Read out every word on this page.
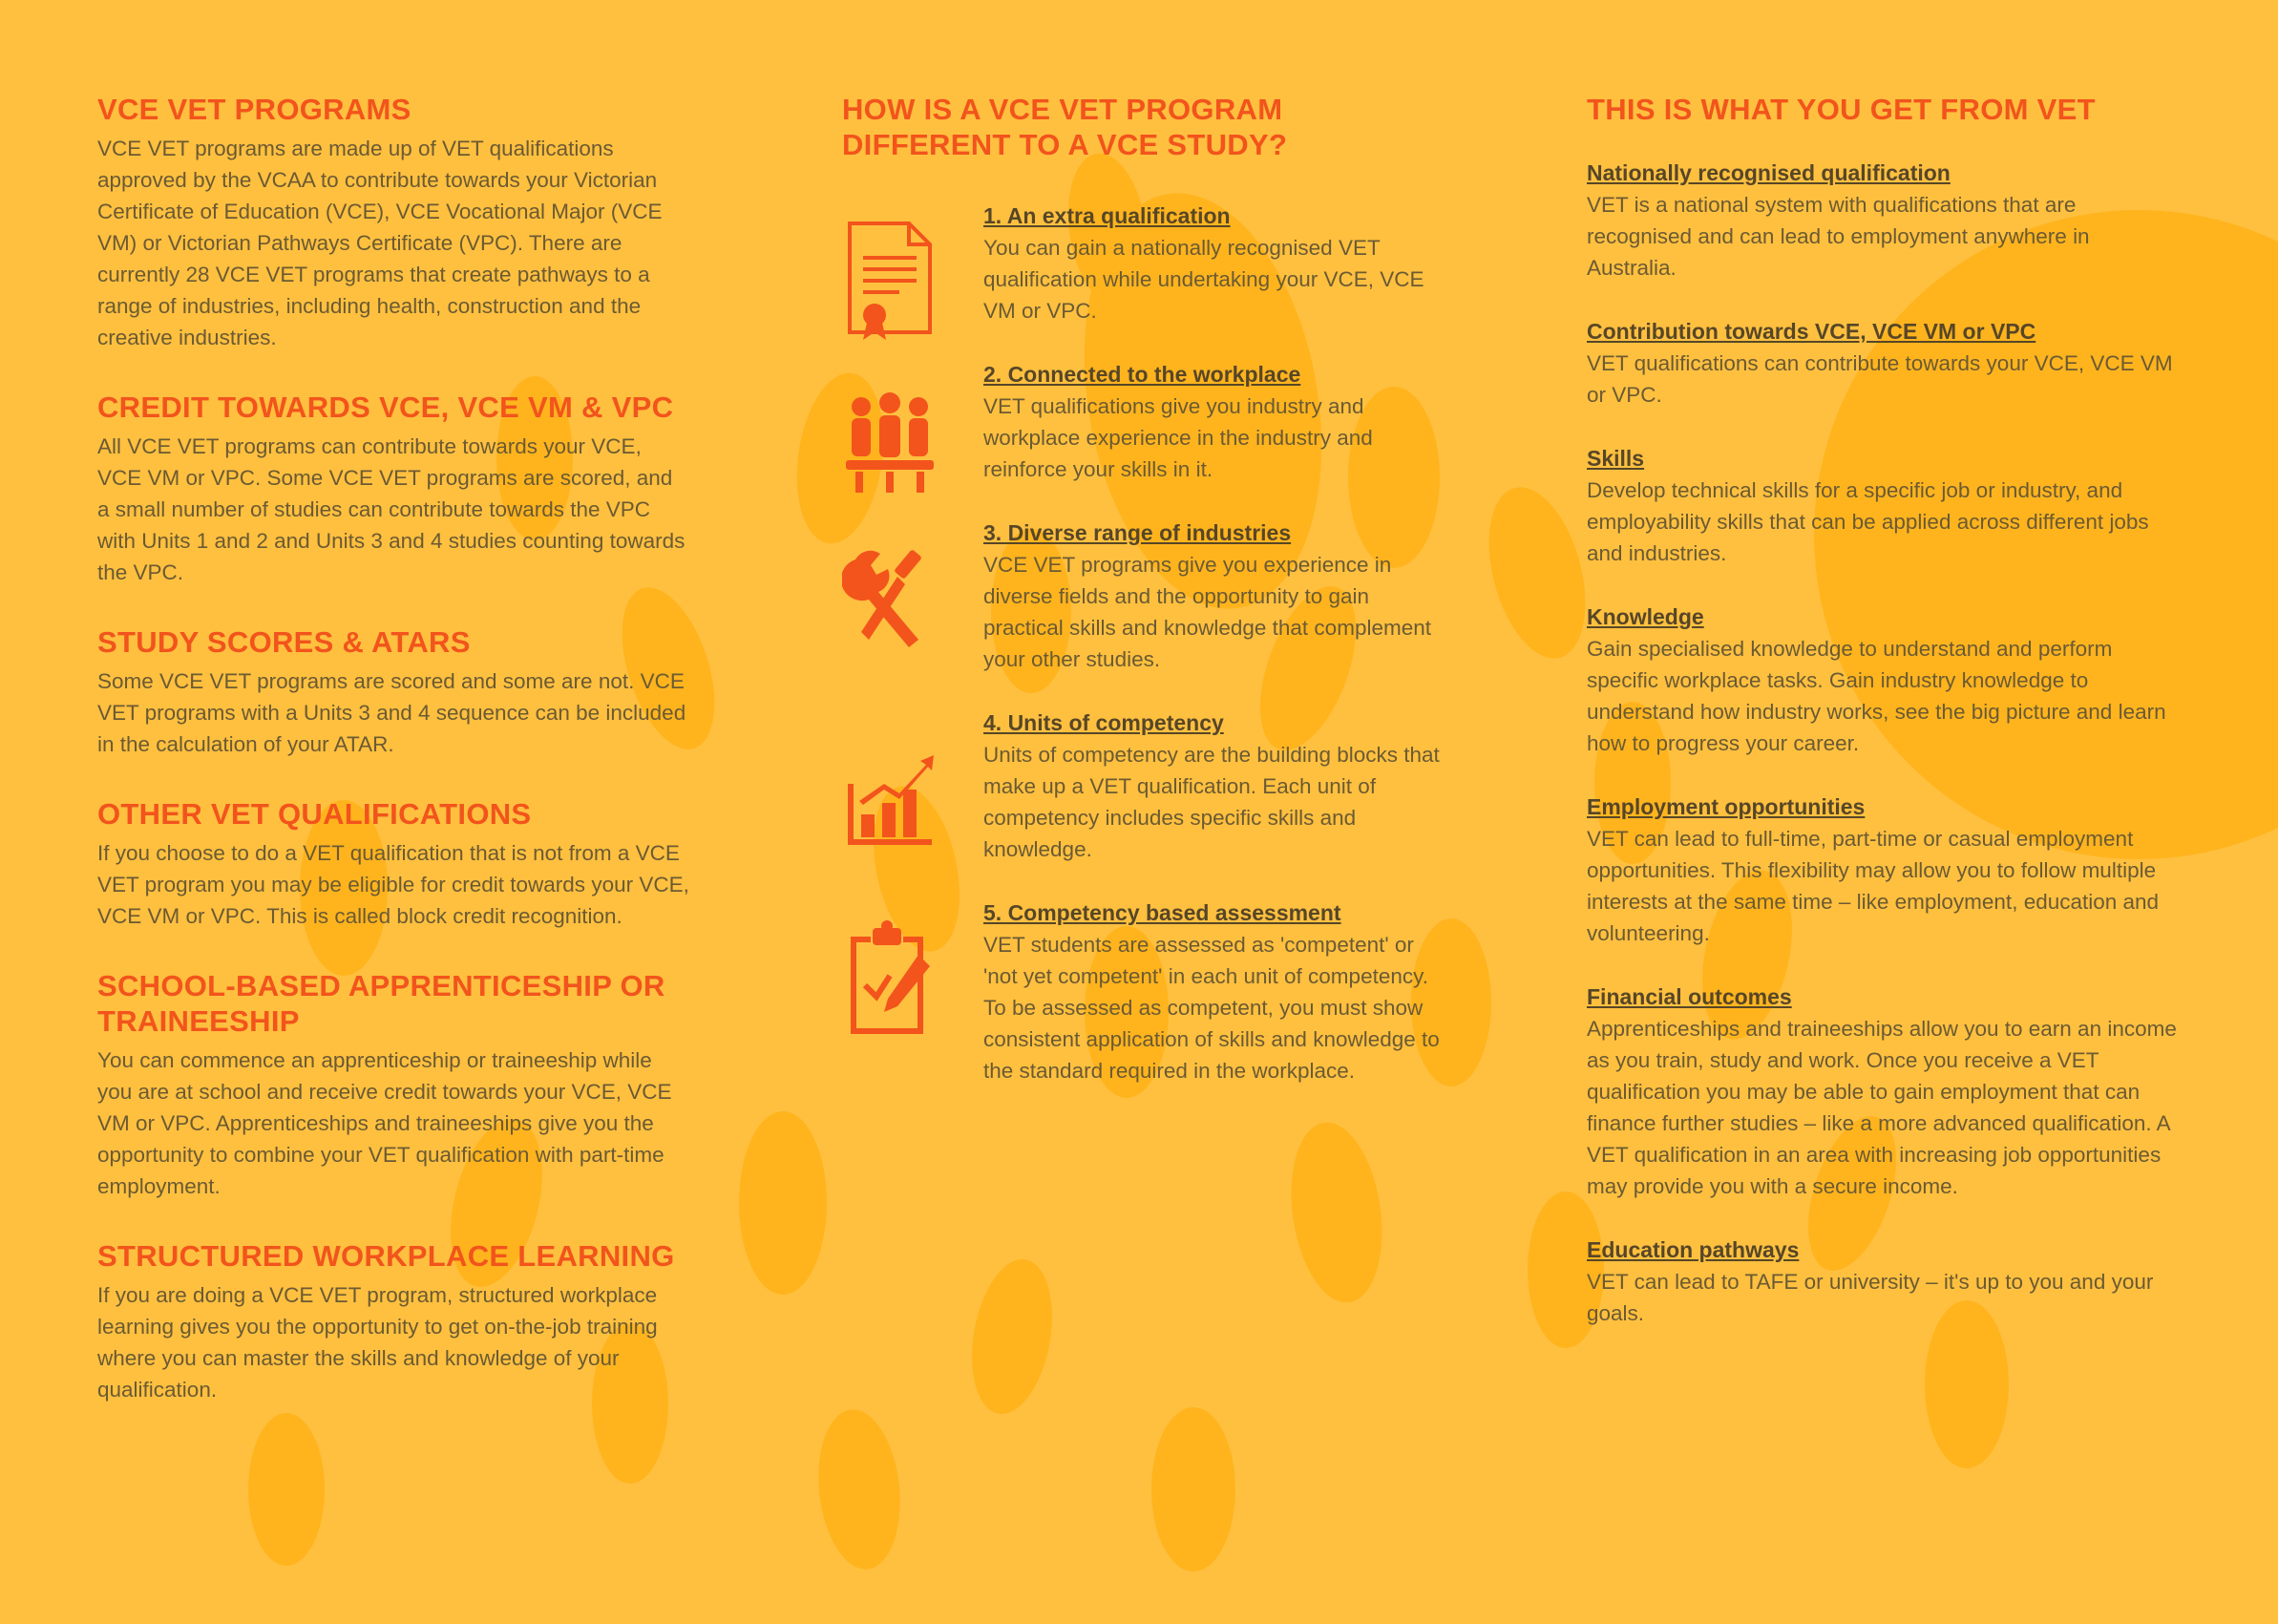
VCE VET PROGRAMS

VCE VET programs are made up of VET qualifications approved by the VCAA to contribute towards your Victorian Certificate of Education (VCE), VCE Vocational Major (VCE VM) or Victorian Pathways Certificate (VPC). There are currently 28 VCE VET programs that create pathways to a range of industries, including health, construction and the creative industries.

CREDIT TOWARDS VCE, VCE VM & VPC

All VCE VET programs can contribute towards your VCE, VCE VM or VPC. Some VCE VET programs are scored, and a small number of studies can contribute towards the VPC with Units 1 and 2 and Units 3 and 4 studies counting towards the VPC.

STUDY SCORES & ATARS

Some VCE VET programs are scored and some are not. VCE VET programs with a Units 3 and 4 sequence can be included in the calculation of your ATAR.

OTHER VET QUALIFICATIONS

If you choose to do a VET qualification that is not from a VCE VET program you may be eligible for credit towards your VCE, VCE VM or VPC. This is called block credit recognition.

SCHOOL-BASED APPRENTICESHIP OR TRAINEESHIP

You can commence an apprenticeship or traineeship while you are at school and receive credit towards your VCE, VCE VM or VPC. Apprenticeships and traineeships give you the opportunity to combine your VET qualification with part-time employment.

STRUCTURED WORKPLACE LEARNING

If you are doing a VCE VET program, structured workplace learning gives you the opportunity to get on-the-job training where you can master the skills and knowledge of your qualification.

HOW IS A VCE VET PROGRAM DIFFERENT TO A VCE STUDY?

1. An extra qualification

You can gain a nationally recognised VET qualification while undertaking your VCE, VCE VM or VPC.

2. Connected to the workplace

VET qualifications give you industry and workplace experience in the industry and reinforce your skills in it.

3. Diverse range of industries

VCE VET programs give you experience in diverse fields and the opportunity to gain practical skills and knowledge that complement your other studies.

4. Units of competency

Units of competency are the building blocks that make up a VET qualification. Each unit of competency includes specific skills and knowledge.

5. Competency based assessment

VET students are assessed as 'competent' or 'not yet competent' in each unit of competency. To be assessed as competent, you must show consistent application of skills and knowledge to the standard required in the workplace.

THIS IS WHAT YOU GET FROM VET

Nationally recognised qualification

VET is a national system with qualifications that are recognised and can lead to employment anywhere in Australia.

Contribution towards VCE, VCE VM or VPC

VET qualifications can contribute towards your VCE, VCE VM or VPC.

Skills

Develop technical skills for a specific job or industry, and employability skills that can be applied across different jobs and industries.

Knowledge

Gain specialised knowledge to understand and perform specific workplace tasks. Gain industry knowledge to understand how industry works, see the big picture and learn how to progress your career.

Employment opportunities

VET can lead to full-time, part-time or casual employment opportunities. This flexibility may allow you to follow multiple interests at the same time – like employment, education and volunteering.

Financial outcomes

Apprenticeships and traineeships allow you to earn an income as you train, study and work. Once you receive a VET qualification you may be able to gain employment that can finance further studies – like a more advanced qualification. A VET qualification in an area with increasing job opportunities may provide you with a secure income.

Education pathways

VET can lead to TAFE or university – it's up to you and your goals.
